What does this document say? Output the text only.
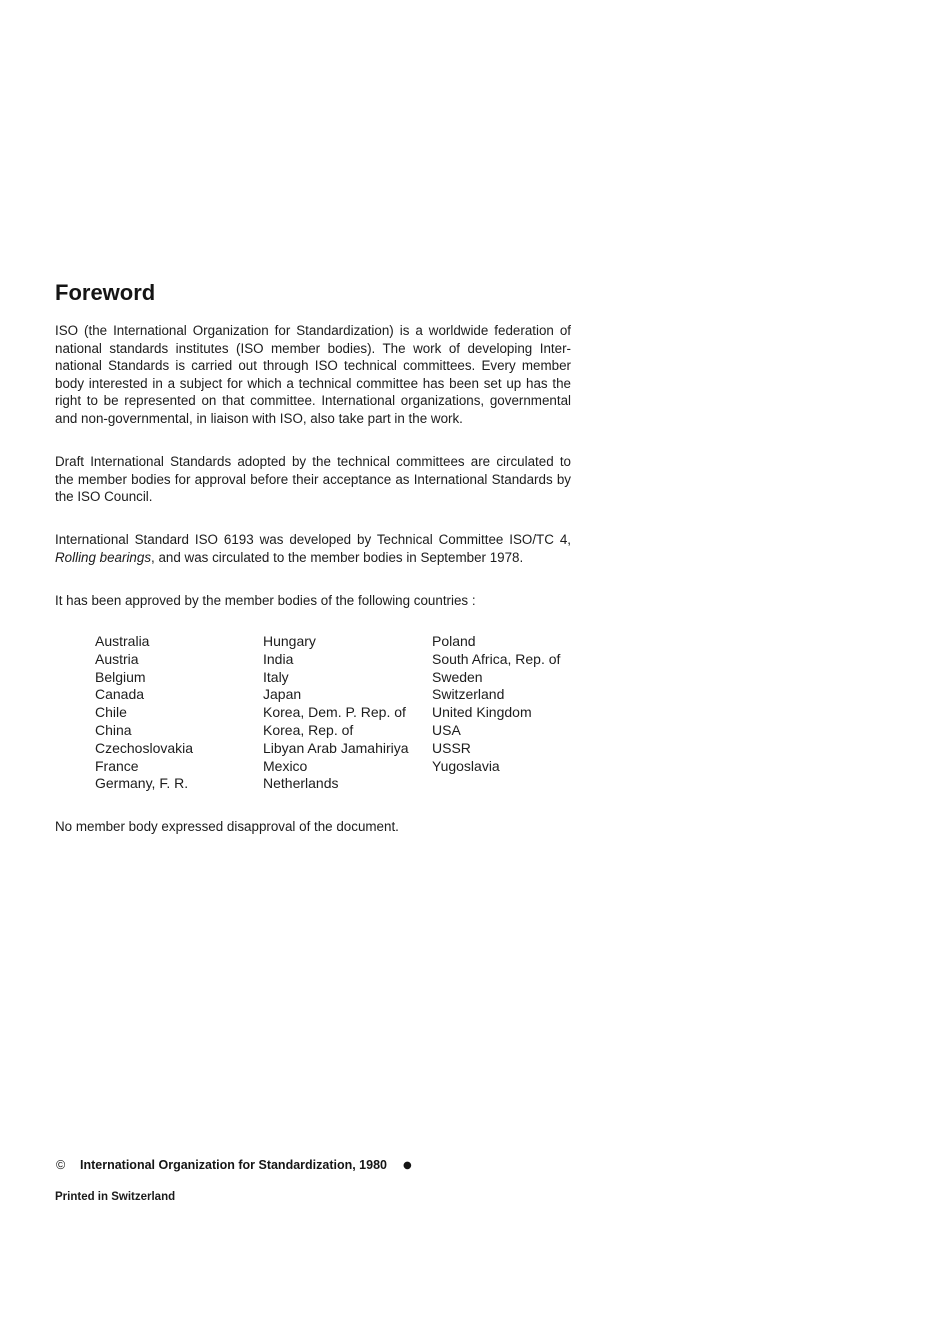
Foreword
ISO (the International Organization for Standardization) is a worldwide federation of
national standards institutes (ISO member bodies). The work of developing Inter-
national Standards is carried out through ISO technical committees. Every member
body interested in a subject for which a technical committee has been set up has the
right to be represented on that committee. International organizations, governmental
and non-governmental, in liaison with ISO, also take part in the work.
Draft International Standards adopted by the technical committees are circulated to
the member bodies for approval before their acceptance as International Standards by
the ISO Council.
International Standard ISO 6193 was developed by Technical Committee ISO/TC 4,
Rolling bearings, and was circulated to the member bodies in September 1978.
It has been approved by the member bodies of the following countries :
Australia
Austria
Belgium
Canada
Chile
China
Czechoslovakia
France
Germany, F. R.
Hungary
India
Italy
Japan
Korea, Dem. P. Rep. of
Korea, Rep. of
Libyan Arab Jamahiriya
Mexico
Netherlands
Poland
South Africa, Rep. of
Sweden
Switzerland
United Kingdom
USA
USSR
Yugoslavia
No member body expressed disapproval of the document.
© International Organization for Standardization, 1980 ●
Printed in Switzerland
